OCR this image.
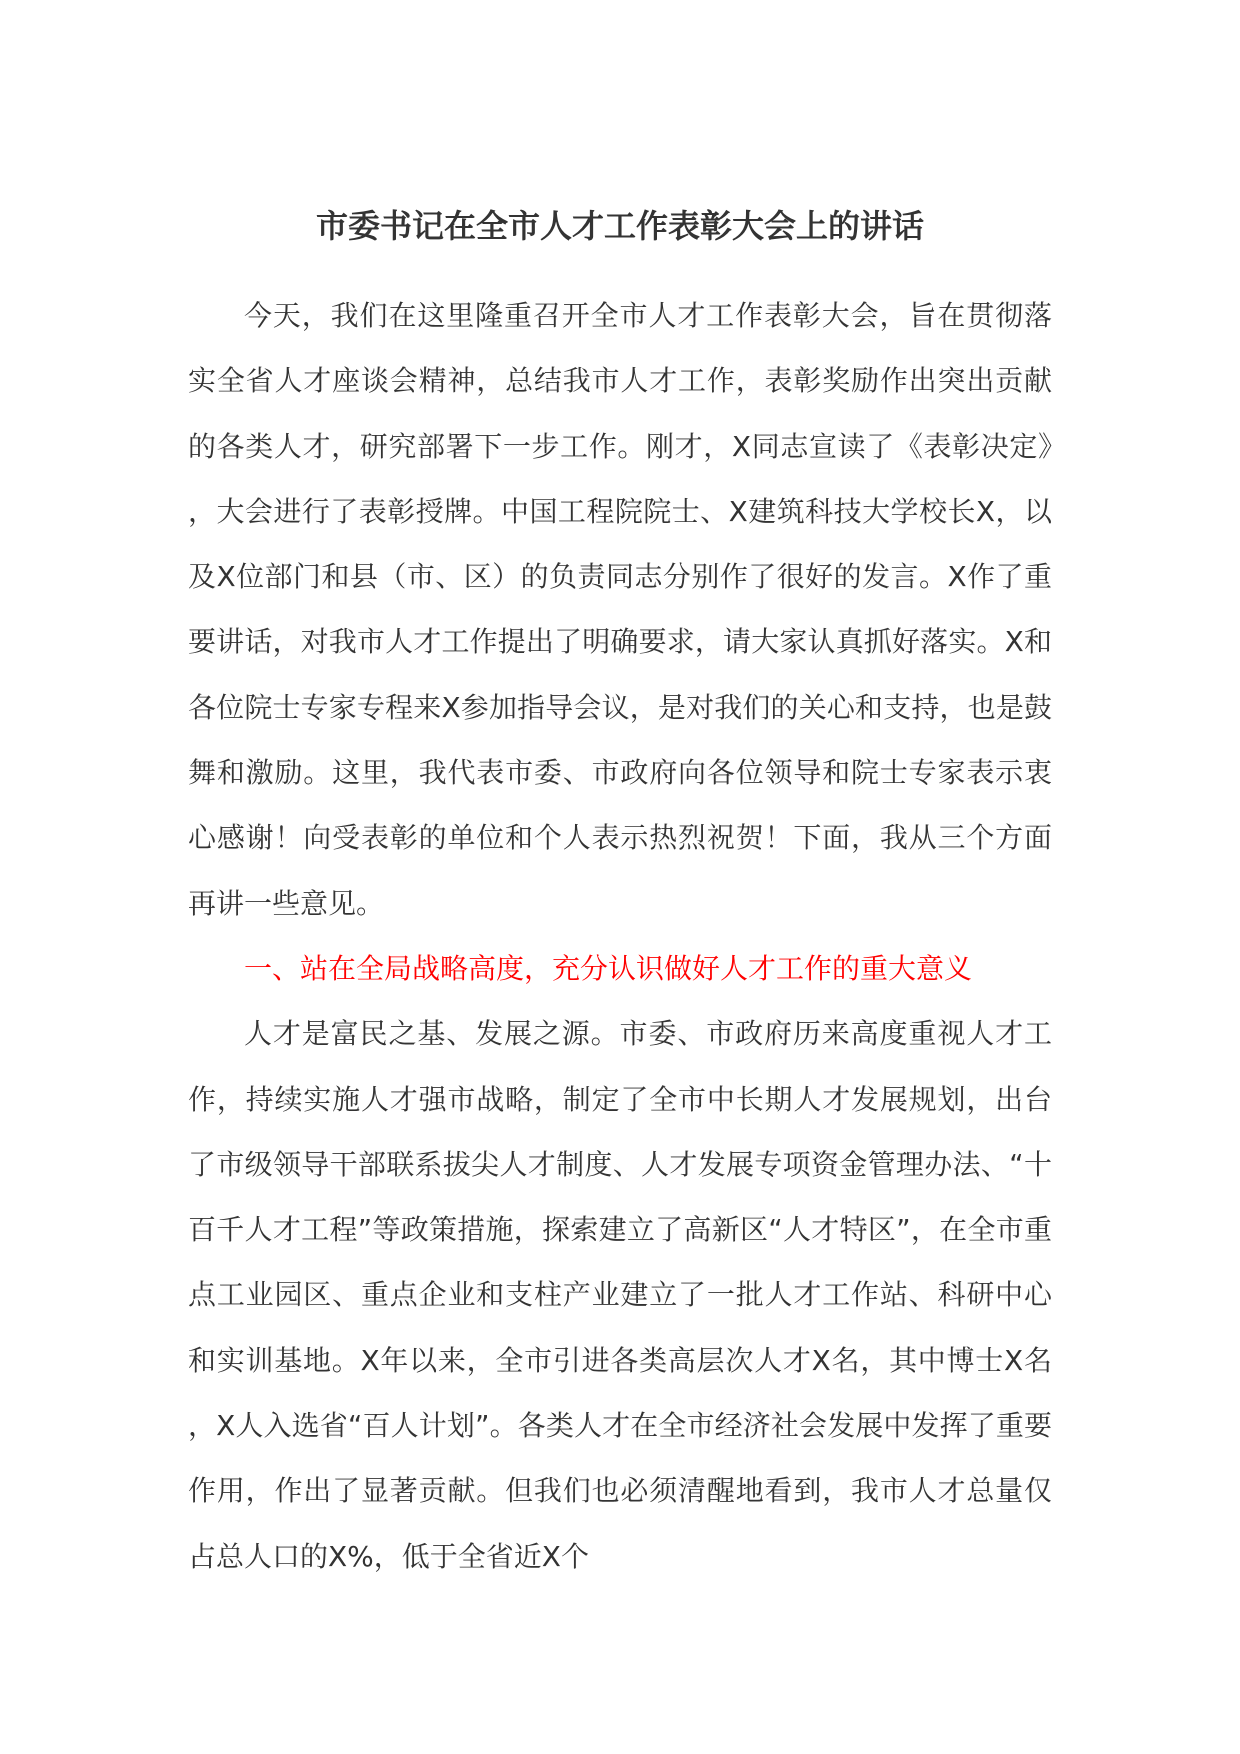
市委书记在全市人才工作表彰大会上的讲话

今天，我们在这里隆重召开全市人才工作表彰大会，旨在贯彻落实全省人才座谈会精神，总结我市人才工作，表彰奖励作出突出贡献的各类人才，研究部署下一步工作。刚才，X同志宣读了《表彰决定》，大会进行了表彰授牌。中国工程院院士、X建筑科技大学校长X，以及X位部门和县（市、区）的负责同志分别作了很好的发言。X作了重要讲话，对我市人才工作提出了明确要求，请大家认真抓好落实。X和各位院士专家专程来X参加指导会议，是对我们的关心和支持，也是鼓舞和激励。这里，我代表市委、市政府向各位领导和院士专家表示衷心感谢！向受表彰的单位和个人表示热烈祝贺！下面，我从三个方面再讲一些意见。

一、站在全局战略高度，充分认识做好人才工作的重大意义

人才是富民之基、发展之源。市委、市政府历来高度重视人才工作，持续实施人才强市战略，制定了全市中长期人才发展规划，出台了市级领导干部联系拔尖人才制度、人才发展专项资金管理办法、“十百千人才工程”等政策措施，探索建立了高新区“人才特区”，在全市重点工业园区、重点企业和支柱产业建立了一批人才工作站、科研中心和实训基地。X年以来，全市引进各类高层次人才X名，其中博士X名，X人入选省“百人计划”。各类人才在全市经济社会发展中发挥了重要作用，作出了显著贡献。但我们也必须清醒地看到，我市人才总量仅占总人口的X%，低于全省近X个
